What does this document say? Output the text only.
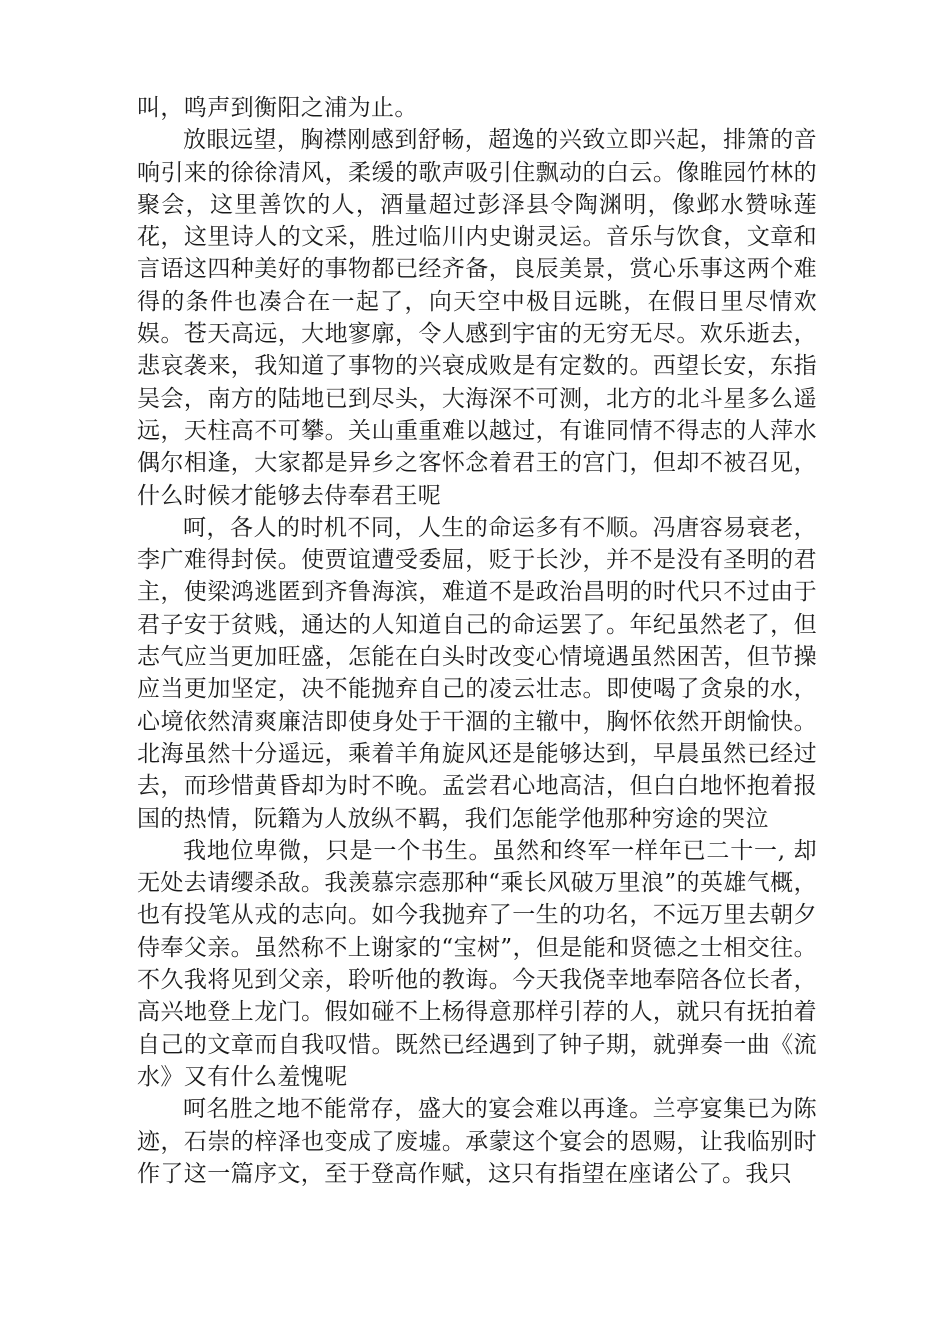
叫，鸣声到衡阳之浦为止。

放眼远望，胸襟刚感到舒畅，超逸的兴致立即兴起，排箫的音响引来的徐徐清风，柔缓的歌声吸引住飘动的白云。像睢园竹林的聚会，这里善饮的人，酒量超过彭泽县令陶渊明，像邺水赞咏莲花，这里诗人的文采，胜过临川内史谢灵运。音乐与饮食，文章和言语这四种美好的事物都已经齐备，良辰美景，赏心乐事这两个难得的条件也凑合在一起了，向天空中极目远眺，在假日里尽情欢娱。苍天高远，大地寥廓，令人感到宇宙的无穷无尽。欢乐逝去，悲哀袭来，我知道了事物的兴衰成败是有定数的。西望长安，东指吴会，南方的陆地已到尽头，大海深不可测，北方的北斗星多么遥远，天柱高不可攀。关山重重难以越过，有谁同情不得志的人萍水偶尔相逢，大家都是异乡之客怀念着君王的宫门，但却不被召见，什么时候才能够去侍奉君王呢

呵，各人的时机不同，人生的命运多有不顺。冯唐容易衰老，李广难得封侯。使贾谊遭受委屈，贬于长沙，并不是没有圣明的君主，使梁鸿逃匿到齐鲁海滨，难道不是政治昌明的时代只不过由于君子安于贫贱，通达的人知道自己的命运罢了。年纪虽然老了，但志气应当更加旺盛，怎能在白头时改变心情境遇虽然困苦，但节操应当更加坚定，决不能抛弃自己的凌云壮志。即使喝了贪泉的水，心境依然清爽廉洁即使身处于干涸的主辙中，胸怀依然开朗愉快。北海虽然十分遥远，乘着羊角旋风还是能够达到，早晨虽然已经过去，而珍惜黄昏却为时不晚。孟尝君心地高洁，但白白地怀抱着报国的热情，阮籍为人放纵不羁，我们怎能学他那种穷途的哭泣

我地位卑微，只是一个书生。虽然和终军一样年已二十一, 却无处去请缨杀敌。我羡慕宗悫那种“乘长风破万里浪”的英雄气概，也有投笔从戎的志向。如今我抛弃了一生的功名，不远万里去朝夕侍奉父亲。虽然称不上谢家的“宝树”，但是能和贤德之士相交往。不久我将见到父亲，聆听他的教诲。今天我侥幸地奉陪各位长者，高兴地登上龙门。假如碰不上杨得意那样引荐的人，就只有抚拍着自己的文章而自我叹惜。既然已经遇到了钟子期，就弹奏一曲《流水》又有什么羞愧呢

呵名胜之地不能常存，盛大的宴会难以再逢。兰亭宴集已为陈迹，石崇的梓泽也变成了废墟。承蒙这个宴会的恩赐，让我临别时作了这一篇序文，至于登高作赋，这只有指望在座诸公了。我只
